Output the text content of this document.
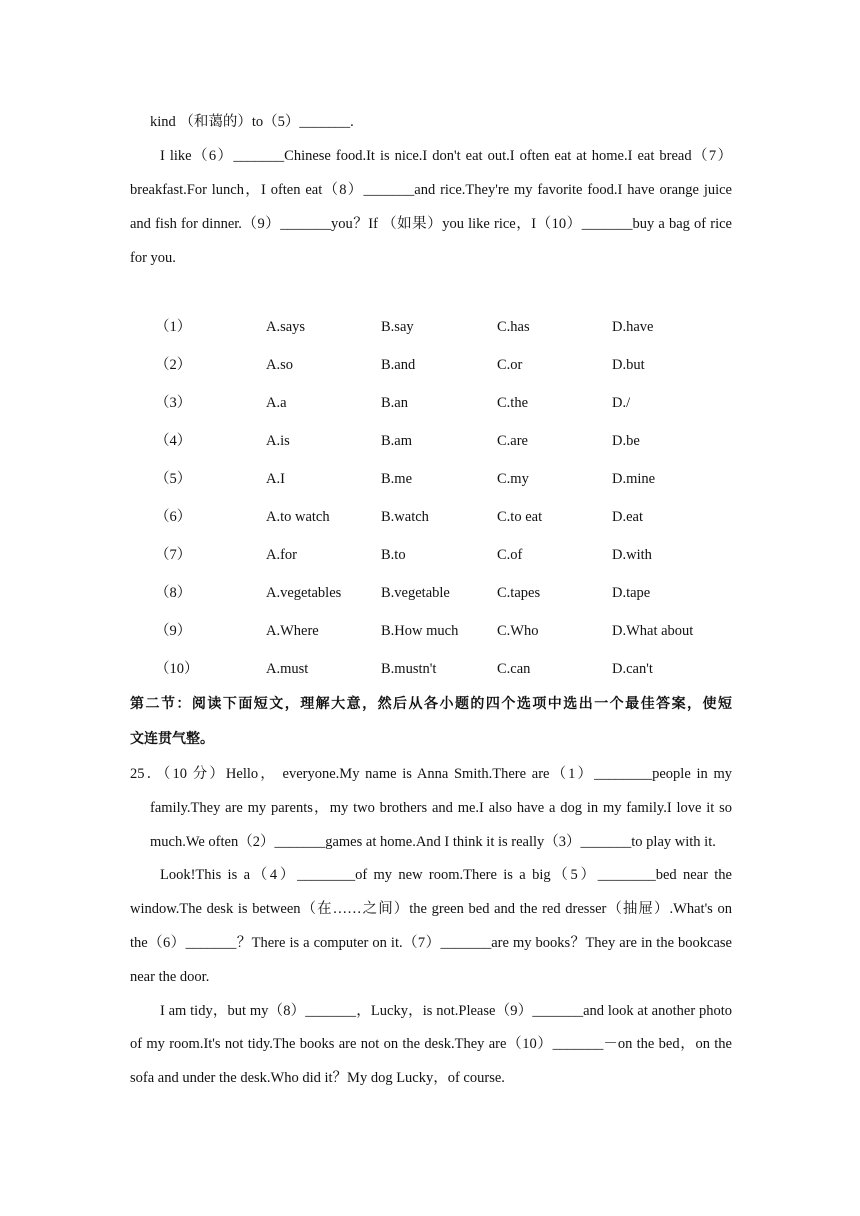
kind （和蔼的）to（5）_______.
I like（6）_______Chinese food.It is nice.I don't eat out.I often eat at home.I eat bread（7）
breakfast.For lunch，I often eat（8）_______and rice.They're my favorite food.I have orange juice
and fish for dinner.（9）_______you？If （如果）you like rice，I（10）_______buy a bag of rice
for you.
（1）	A.says	B.say	C.has	D.have
（2）	A.so	B.and	C.or	D.but
（3）	A.a	B.an	C.the	D./
（4）	A.is	B.am	C.are	D.be
（5）	A.I	B.me	C.my	D.mine
（6）	A.to watch	B.watch	C.to eat	D.eat
（7）	A.for	B.to	C.of	D.with
（8）	A.vegetables	B.vegetable	C.tapes	D.tape
（9）	A.Where	B.How much	C.Who	D.What about
（10）	A.must	B.mustn't	C.can	D.can't
第二节：阅读下面短文，理解大意，然后从各小题的四个选项中选出一个最佳答案，使短
文连贯气整。
25．（10 分）Hello， everyone.My name is Anna Smith.There are（1）________people in my
family.They are my parents，my two brothers and me.I also have a dog in my family.I love it so
much.We often（2）_______games at home.And I think it is really（3）_______to play with it.
Look!This is a（4）________of my new room.There is a big（5）________bed near the
window.The desk is between（在……之间）the green bed and the red dresser（抽屉）.What's on
the（6）_______？There is a computer on it.（7）_______are my books？They are in the bookcase
near the door.
I am tidy，but my（8）_______，Lucky，is not.Please（9）_______and look at another photo
of my room.It's not tidy.The books are not on the desk.They are（10）_______－on the bed，on the
sofa and under the desk.Who did it？My dog Lucky，of course.
